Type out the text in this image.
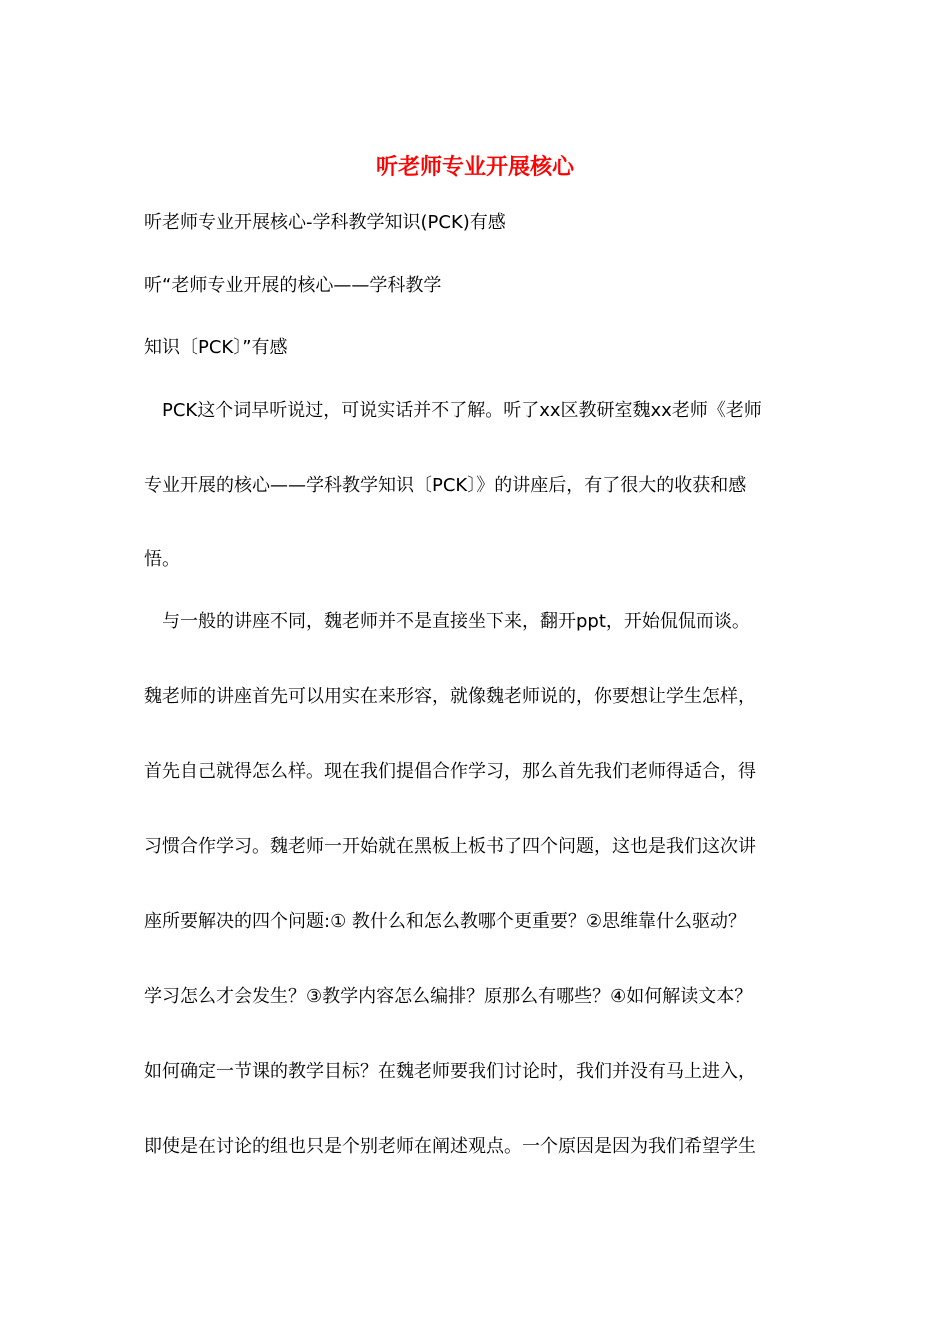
听老师专业开展核心
听老师专业开展核心-学科教学知识(PCK)有感
听“老师专业开展的核心——学科教学
知识〔PCK〕”有感
　PCK这个词早听说过，可说实话并不了解。听了xx区教研室魏xx老师《老师
专业开展的核心——学科教学知识〔PCK〕》的讲座后，有了很大的收获和感
悟。
　与一般的讲座不同，魏老师并不是直接坐下来，翻开ppt，开始侃侃而谈。
魏老师的讲座首先可以用实在来形容，就像魏老师说的，你要想让学生怎样，
首先自己就得怎么样。现在我们提倡合作学习，那么首先我们老师得适合，得
习惯合作学习。魏老师一开始就在黑板上板书了四个问题，这也是我们这次讲
座所要解决的四个问题:① 教什么和怎么教哪个更重要？②思维靠什么驱动？
学习怎么才会发生？③教学内容怎么编排？原那么有哪些？④如何解读文本？
如何确定一节课的教学目标？在魏老师要我们讨论时，我们并没有马上进入，
即使是在讨论的组也只是个别老师在阐述观点。一个原因是因为我们希望学生
